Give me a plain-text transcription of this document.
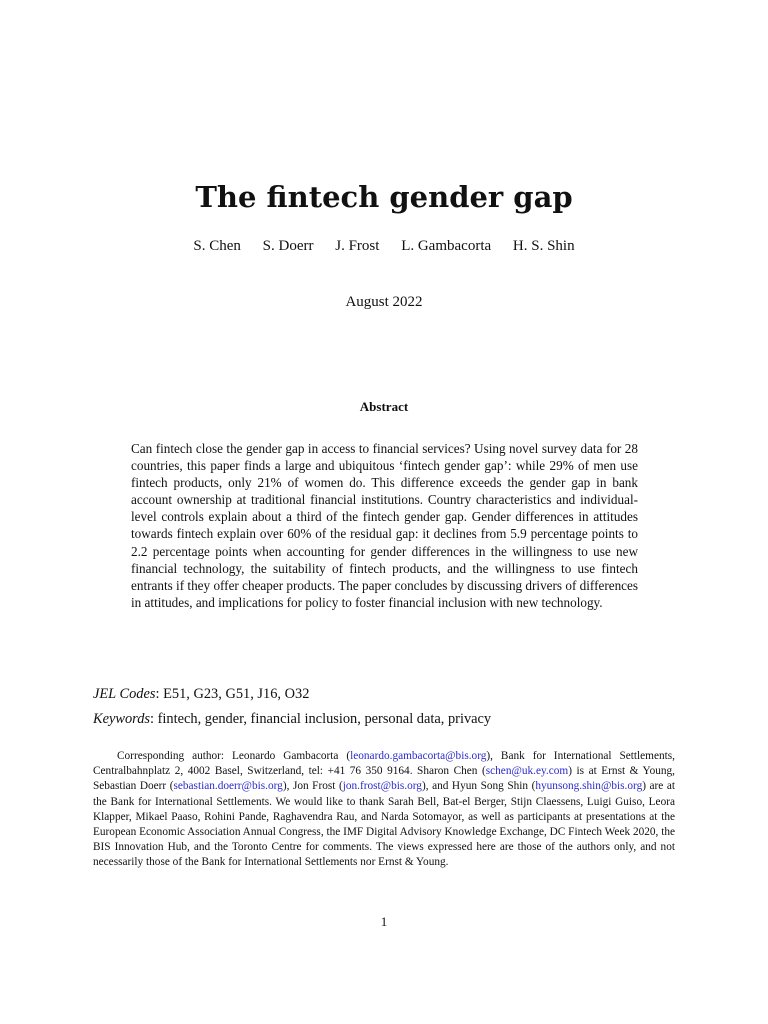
The fintech gender gap
S. Chen S. Doerr J. Frost L. Gambacorta H. S. Shin
August 2022
Abstract

Can fintech close the gender gap in access to financial services? Using novel survey data for 28 countries, this paper finds a large and ubiquitous ‘fintech gender gap’: while 29% of men use fintech products, only 21% of women do. This difference exceeds the gender gap in bank account ownership at traditional financial institutions. Country characteristics and individual-level controls explain about a third of the fintech gender gap. Gender differences in attitudes towards fintech explain over 60% of the residual gap: it declines from 5.9 percentage points to 2.2 percentage points when accounting for gender differences in the willingness to use new financial technology, the suitability of fintech products, and the willingness to use fintech entrants if they offer cheaper products. The paper concludes by discussing drivers of differences in attitudes, and implications for policy to foster financial inclusion with new technology.

JEL Codes: E51, G23, G51, J16, O32
Keywords: fintech, gender, financial inclusion, personal data, privacy

Corresponding author: Leonardo Gambacorta (leonardo.gambacorta@bis.org), Bank for International Settlements, Centralbahnplatz 2, 4002 Basel, Switzerland, tel: +41 76 350 9164. Sharon Chen (schen@uk.ey.com) is at Ernst & Young, Sebastian Doerr (sebastian.doerr@bis.org), Jon Frost (jon.frost@bis.org), and Hyun Song Shin (hyunsong.shin@bis.org) are at the Bank for International Settlements. We would like to thank Sarah Bell, Bat-el Berger, Stijn Claessens, Luigi Guiso, Leora Klapper, Mikael Paaso, Rohini Pande, Raghavendra Rau, and Narda Sotomayor, as well as participants at presentations at the European Economic Association Annual Congress, the IMF Digital Advisory Knowledge Exchange, DC Fintech Week 2020, the BIS Innovation Hub, and the Toronto Centre for comments. The views expressed here are those of the authors only, and not necessarily those of the Bank for International Settlements nor Ernst & Young.

1
